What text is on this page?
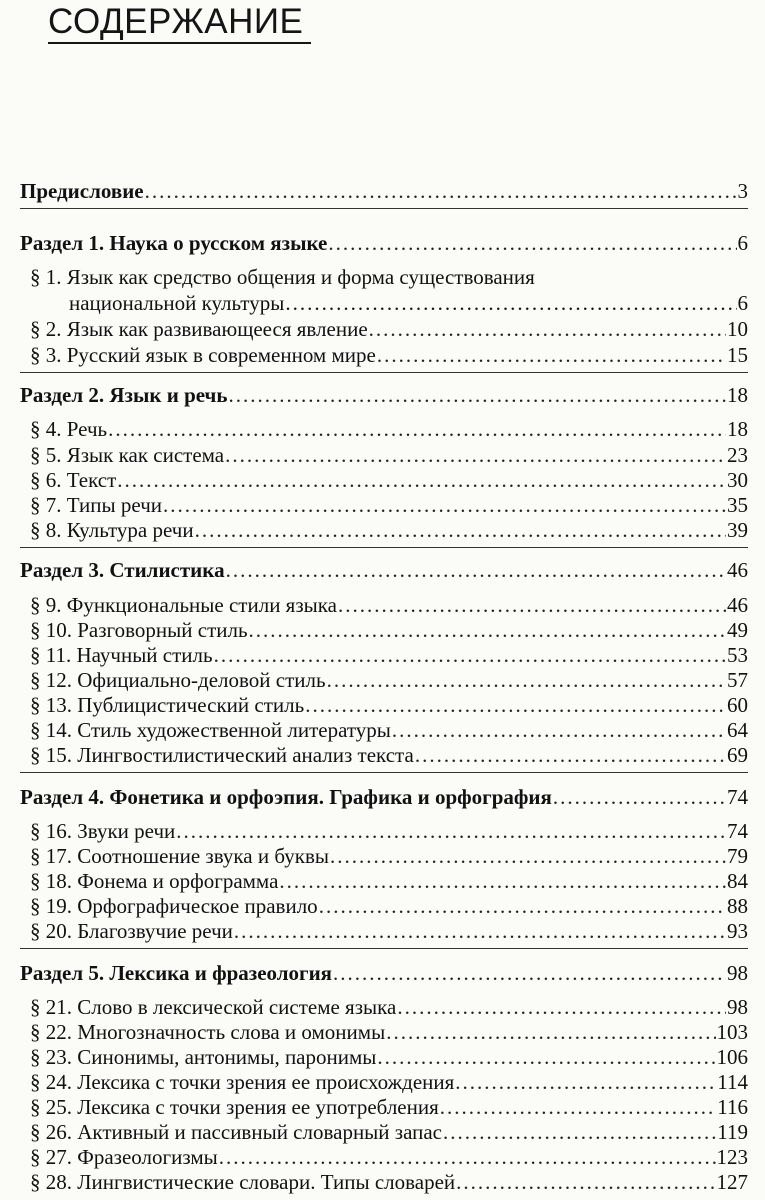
СОДЕРЖАНИЕ
Предисловие .....	3
Раздел 1. Наука о русском языке .....	6
§ 1. Язык как средство общения и форма существования
национальной культуры .....	6
§ 2. Язык как развивающееся явление .....	10
§ 3. Русский язык в современном мире .....	15
Раздел 2. Язык и речь .....	18
§ 4. Речь .....	18
§ 5. Язык как система .....	23
§ 6. Текст .....	30
§ 7. Типы речи .....	35
§ 8. Культура речи .....	39
Раздел 3. Стилистика .....	46
§ 9. Функциональные стили языка .....	46
§ 10. Разговорный стиль .....	49
§ 11. Научный стиль .....	53
§ 12. Официально-деловой стиль .....	57
§ 13. Публицистический стиль .....	60
§ 14. Стиль художественной литературы .....	64
§ 15. Лингвостилистический анализ текста .....	69
Раздел 4. Фонетика и орфоэпия. Графика и орфография .....	74
§ 16. Звуки речи .....	74
§ 17. Соотношение звука и буквы .....	79
§ 18. Фонема и орфограмма .....	84
§ 19. Орфографическое правило .....	88
§ 20. Благозвучие речи .....	93
Раздел 5. Лексика и фразеология .....	98
§ 21. Слово в лексической системе языка .....	98
§ 22. Многозначность слова и омонимы .....	103
§ 23. Синонимы, антонимы, паронимы .....	106
§ 24. Лексика с точки зрения ее происхождения .....	114
§ 25. Лексика с точки зрения ее употребления .....	116
§ 26. Активный и пассивный словарный запас .....	119
§ 27. Фразеологизмы .....	123
§ 28. Лингвистические словари. Типы словарей .....	127
